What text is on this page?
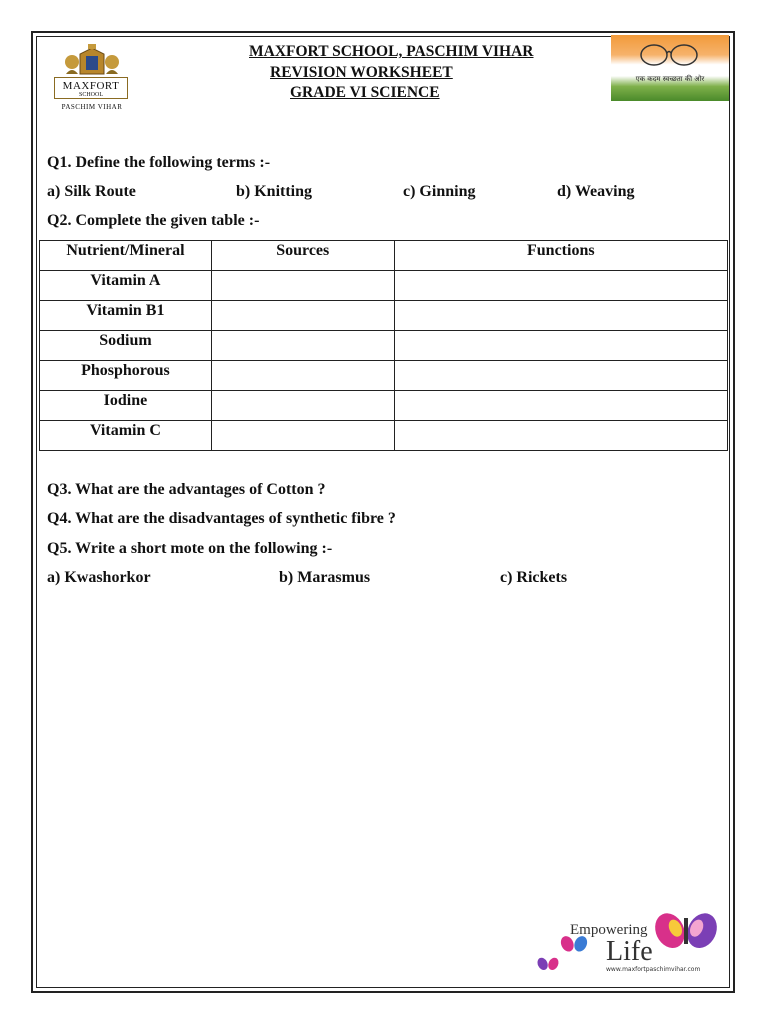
MAXFORT
SCHOOL
PASCHIM VIHAR
MAXFORT SCHOOL, PASCHIM VIHAR
REVISION WORKSHEET
GRADE VI SCIENCE
एक कदम स्वच्छता की ओर
Q1. Define the following terms :-
a) Silk Route	b) Knitting	c) Ginning	d) Weaving
Q2. Complete the given table :-
Nutrient/Mineral	Sources	Functions
Vitamin A		
Vitamin B1		
Sodium		
Phosphorous		
Iodine		
Vitamin C		
Q3. What are the advantages of Cotton ?
Q4. What are the disadvantages of synthetic fibre ?
Q5. Write a short mote on the following :-
a) Kwashorkor	b) Marasmus	c) Rickets
Empowering
Life
www.maxfortpaschimvihar.com
